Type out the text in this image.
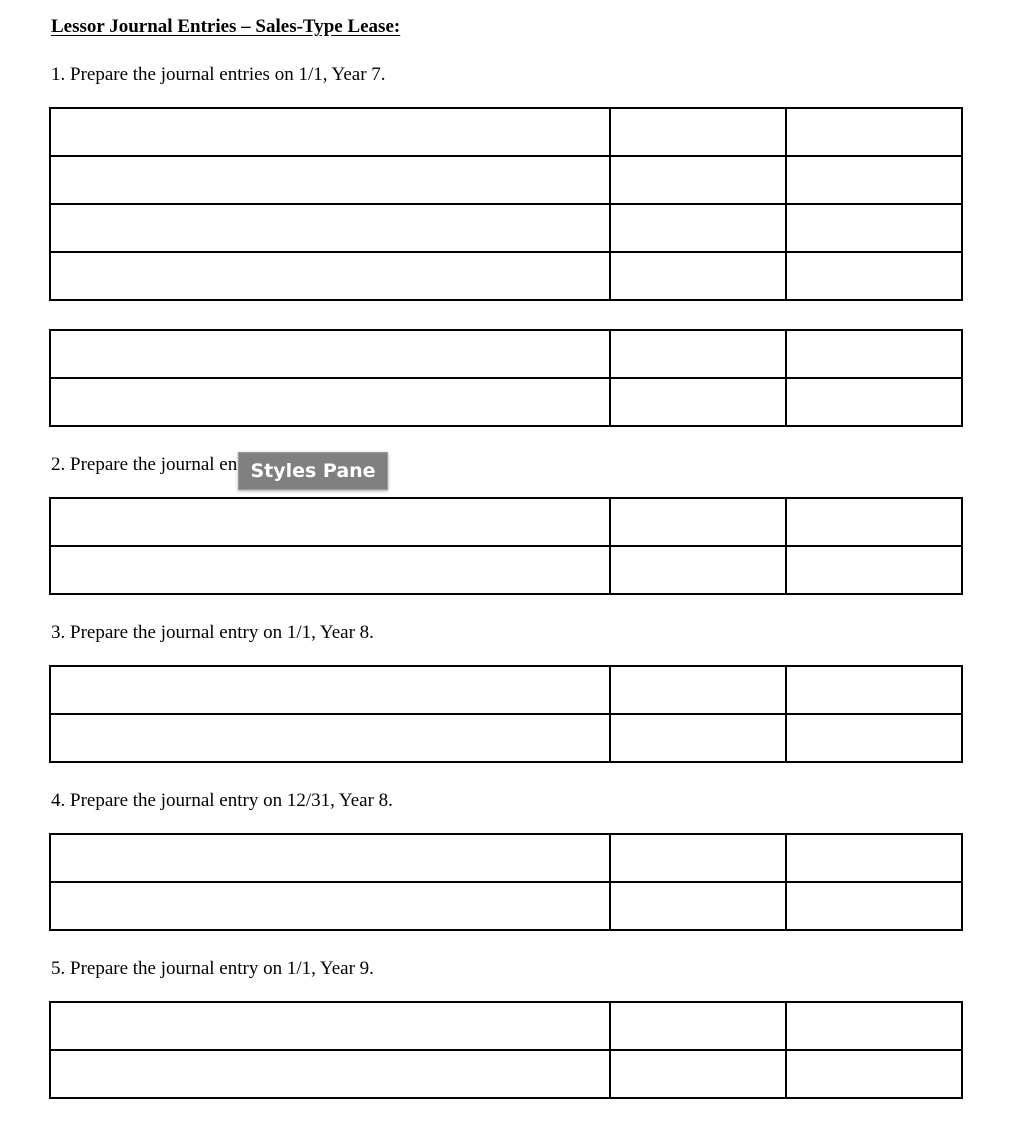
Lessor Journal Entries – Sales-Type Lease:
1. Prepare the journal entries on 1/1, Year 7.

2. Prepare the journal en Styles Pane

3. Prepare the journal entry on 1/1, Year 8.

4. Prepare the journal entry on 12/31, Year 8.

5. Prepare the journal entry on 1/1, Year 9.
